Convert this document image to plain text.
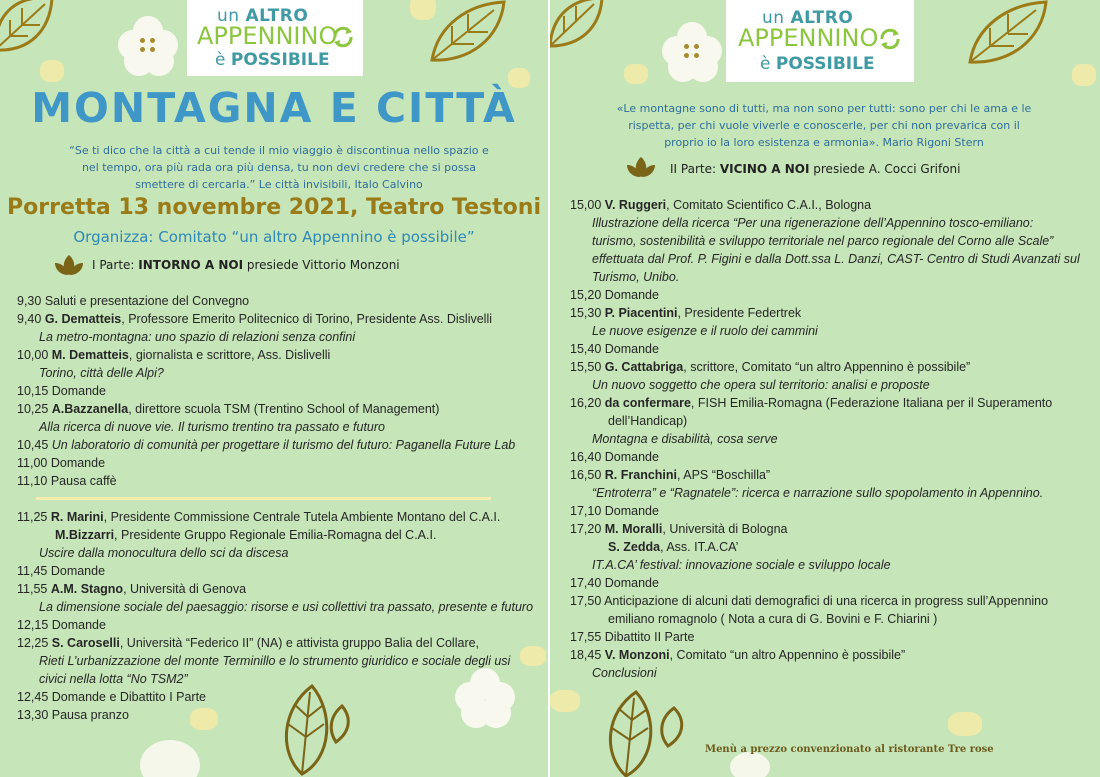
un ALTRO
APPENNINO
è POSSIBILE
MONTAGNA E CITTÀ
“Se ti dico che la città a cui tende il mio viaggio è discontinua nello spazio e
nel tempo, ora più rada ora più densa, tu non devi credere che si possa
smettere di cercarla.” Le città invisibili, Italo Calvino
Porretta 13 novembre 2021, Teatro Testoni
Organizza: Comitato “un altro Appennino è possibile”
I Parte: INTORNO A NOI presiede Vittorio Monzoni
9,30 Saluti e presentazione del Convegno
9,40 G. Dematteis, Professore Emerito Politecnico di Torino, Presidente Ass. Dislivelli
La metro-montagna: uno spazio di relazioni senza confini
10,00 M. Dematteis, giornalista e scrittore, Ass. Dislivelli
Torino, città delle Alpi?
10,15 Domande
10,25 A.Bazzanella, direttore scuola TSM (Trentino School of Management)
Alla ricerca di nuove vie. Il turismo trentino tra passato e futuro
10,45 Un laboratorio di comunità per progettare il turismo del futuro: Paganella Future Lab
11,00 Domande
11,10 Pausa caffè
11,25 R. Marini, Presidente Commissione Centrale Tutela Ambiente Montano del C.A.I.
M.Bizzarri, Presidente Gruppo Regionale Emilia-Romagna del C.A.I.
Uscire dalla monocultura dello sci da discesa
11,45 Domande
11,55 A.M. Stagno, Università di Genova
La dimensione sociale del paesaggio: risorse e usi collettivi tra passato, presente e futuro
12,15 Domande
12,25 S. Caroselli, Università “Federico II” (NA) e attivista gruppo Balia del Collare,
Rieti L’urbanizzazione del monte Terminillo e lo strumento giuridico e sociale degli usi
civici nella lotta “No TSM2”
12,45 Domande e Dibattito I Parte
13,30 Pausa pranzo
un ALTRO
APPENNINO
è POSSIBILE
«Le montagne sono di tutti, ma non sono per tutti: sono per chi le ama e le
rispetta, per chi vuole viverle e conoscerle, per chi non prevarica con il
proprio io la loro esistenza e armonia». Mario Rigoni Stern
II Parte: VICINO A NOI presiede A. Cocci Grifoni
15,00 V. Ruggeri, Comitato Scientifico C.A.I., Bologna
Illustrazione della ricerca “Per una rigenerazione dell’Appennino tosco-emiliano:
turismo, sostenibilità e sviluppo territoriale nel parco regionale del Corno alle Scale”
effettuata dal Prof. P. Figini e dalla Dott.ssa L. Danzi, CAST- Centro di Studi Avanzati sul
Turismo, Unibo.
15,20 Domande
15,30 P. Piacentini, Presidente Federtrek
Le nuove esigenze e il ruolo dei cammini
15,40 Domande
15,50 G. Cattabriga, scrittore, Comitato “un altro Appennino è possibile”
Un nuovo soggetto che opera sul territorio: analisi e proposte
16,20 da confermare, FISH Emilia-Romagna (Federazione Italiana per il Superamento
dell’Handicap)
Montagna e disabilità, cosa serve
16,40 Domande
16,50 R. Franchini, APS “Boschilla”
“Entroterra” e “Ragnatele”: ricerca e narrazione sullo spopolamento in Appennino.
17,10 Domande
17,20 M. Moralli, Università di Bologna
S. Zedda, Ass. IT.A.CA’
IT.A.CA’ festival: innovazione sociale e sviluppo locale
17,40 Domande
17,50 Anticipazione di alcuni dati demografici di una ricerca in progress sull’Appennino
emiliano romagnolo ( Nota a cura di G. Bovini e F. Chiarini )
17,55 Dibattito II Parte
18,45 V. Monzoni, Comitato “un altro Appennino è possibile”
Conclusioni
Menù a prezzo convenzionato al ristorante Tre rose
